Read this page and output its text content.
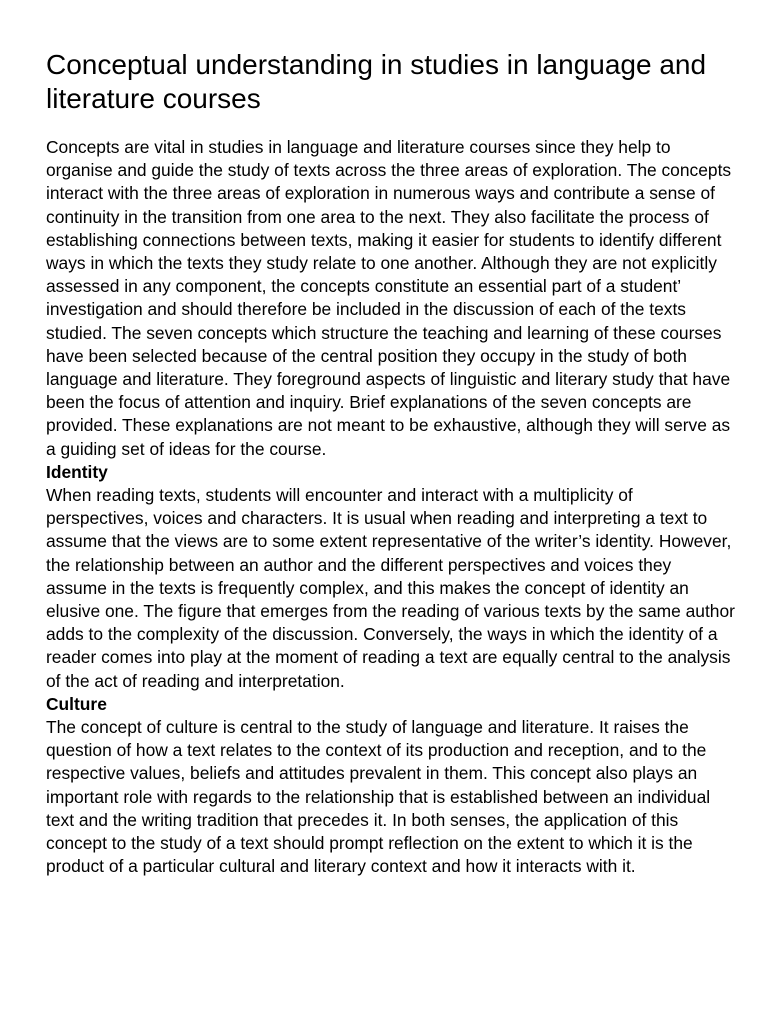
Conceptual understanding in studies in language and literature courses

Concepts are vital in studies in language and literature courses since they help to organise and guide the study of texts across the three areas of exploration. The concepts interact with the three areas of exploration in numerous ways and contribute a sense of continuity in the transition from one area to the next. They also facilitate the process of establishing connections between texts, making it easier for students to identify different ways in which the texts they study relate to one another. Although they are not explicitly assessed in any component, the concepts constitute an essential part of a student’ investigation and should therefore be included in the discussion of each of the texts studied. The seven concepts which structure the teaching and learning of these courses have been selected because of the central position they occupy in the study of both language and literature. They foreground aspects of linguistic and literary study that have been the focus of attention and inquiry. Brief explanations of the seven concepts are provided. These explanations are not meant to be exhaustive, although they will serve as a guiding set of ideas for the course.

Identity

When reading texts, students will encounter and interact with a multiplicity of perspectives, voices and characters. It is usual when reading and interpreting a text to assume that the views are to some extent representative of the writer’s identity. However, the relationship between an author and the different perspectives and voices they assume in the texts is frequently complex, and this makes the concept of identity an elusive one. The figure that emerges from the reading of various texts by the same author adds to the complexity of the discussion. Conversely, the ways in which the identity of a reader comes into play at the moment of reading a text are equally central to the analysis of the act of reading and interpretation.

Culture

The concept of culture is central to the study of language and literature. It raises the question of how a text relates to the context of its production and reception, and to the respective values, beliefs and attitudes prevalent in them. This concept also plays an important role with regards to the relationship that is established between an individual text and the writing tradition that precedes it. In both senses, the application of this concept to the study of a text should prompt reflection on the extent to which it is the product of a particular cultural and literary context and how it interacts with it.
